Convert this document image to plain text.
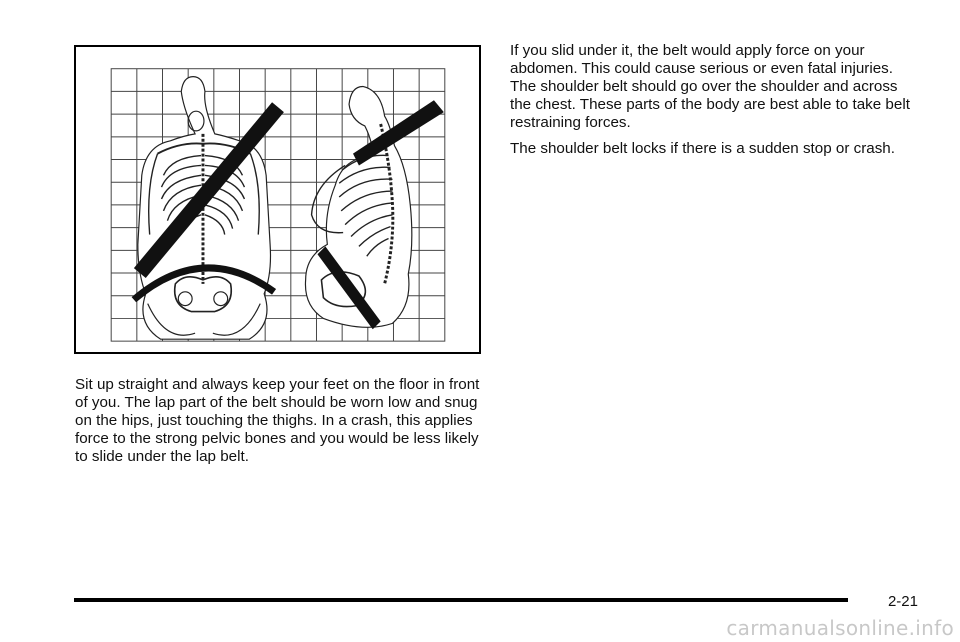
Sit up straight and always keep your feet on the floor in front of you. The lap part of the belt should be worn low and snug on the hips, just touching the thighs. In a crash, this applies force to the strong pelvic bones and you would be less likely to slide under the lap belt.

If you slid under it, the belt would apply force on your abdomen. This could cause serious or even fatal injuries. The shoulder belt should go over the shoulder and across the chest. These parts of the body are best able to take belt restraining forces.

The shoulder belt locks if there is a sudden stop or crash.

2-21
carmanualsonline.info
